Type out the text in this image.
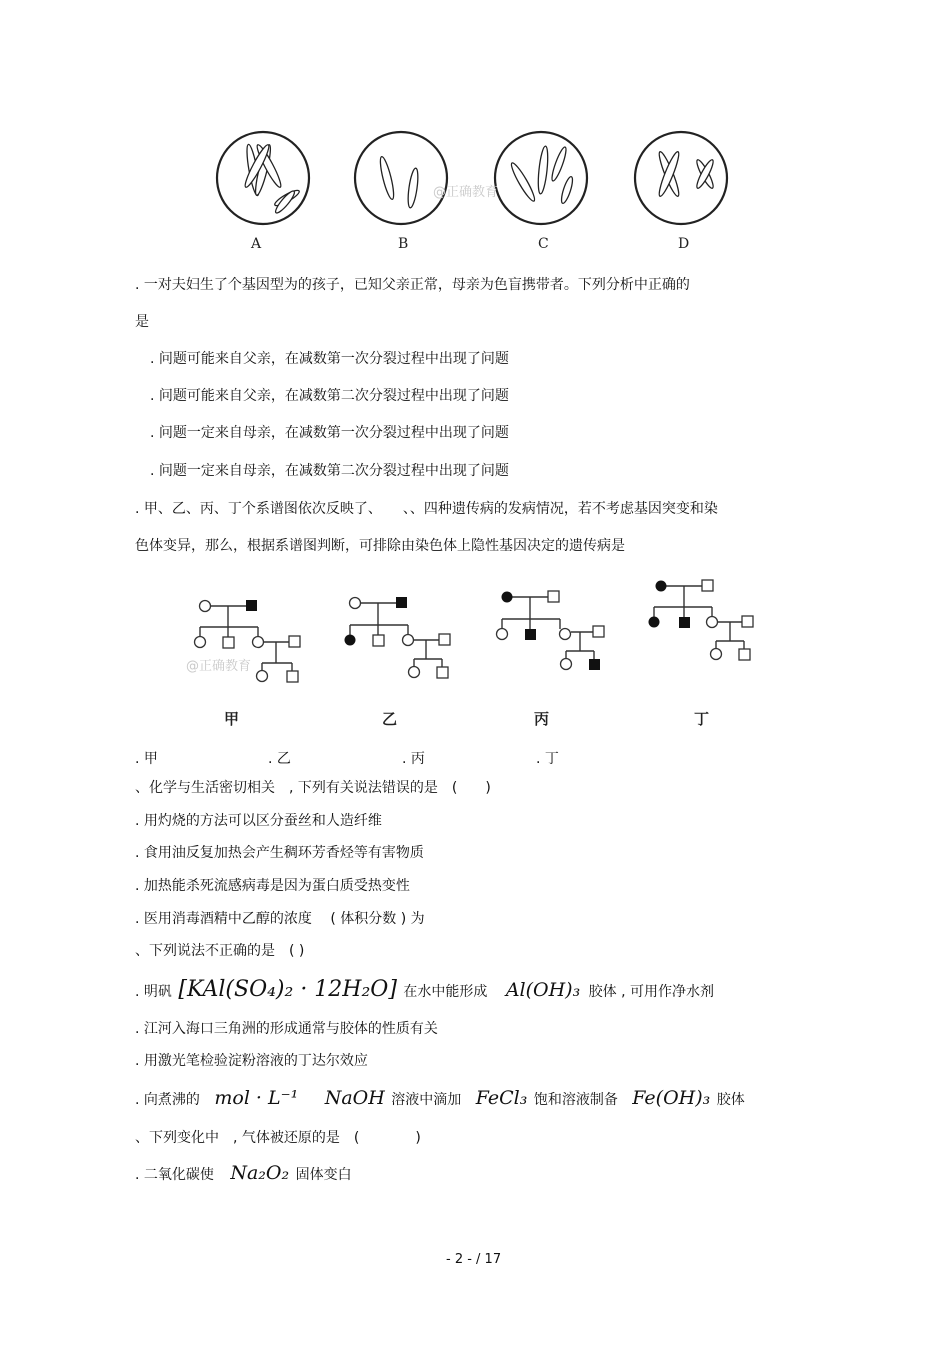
@正确教育
A	B	C	D
. 一对夫妇生了个基因型为的孩子，已知父亲正常，母亲为色盲携带者。下列分析中正确的
是
. 问题可能来自父亲，在减数第一次分裂过程中出现了问题
. 问题可能来自父亲，在减数第二次分裂过程中出现了问题
. 问题一定来自母亲，在减数第一次分裂过程中出现了问题
. 问题一定来自母亲，在减数第二次分裂过程中出现了问题
. 甲、乙、丙、丁个系谱图依次反映了、　　、、四种遗传病的发病情况，若不考虑基因突变和染
色体变异，那么，根据系谱图判断，可排除由染色体上隐性基因决定的遗传病是
@正确教育
甲	乙	丙	丁
. 甲	. 乙	. 丙	. 丁
、化学与生活密切相关　, 下列有关说法错误的是　(　　)
. 用灼烧的方法可以区分蚕丝和人造纤维
. 食用油反复加热会产生稠环芳香烃等有害物质
. 加热能杀死流感病毒是因为蛋白质受热变性
. 医用消毒酒精中乙醇的浓度　 ( 体积分数 ) 为
、下列说法不正确的是　( )
. 明矾 [KAl(SO₄)₂ · 12H₂O] 在水中能形成 Al(OH)₃ 胶体 , 可用作净水剂
. 江河入海口三角洲的形成通常与胶体的性质有关
. 用激光笔检验淀粉溶液的丁达尔效应
. 向煮沸的 mol · L⁻¹ NaOH 溶液中滴加 FeCl₃ 饱和溶液制备 Fe(OH)₃ 胶体
、下列变化中　, 气体被还原的是　(　　　　)
. 二氧化碳使 Na₂O₂ 固体变白
- 2 - / 17
